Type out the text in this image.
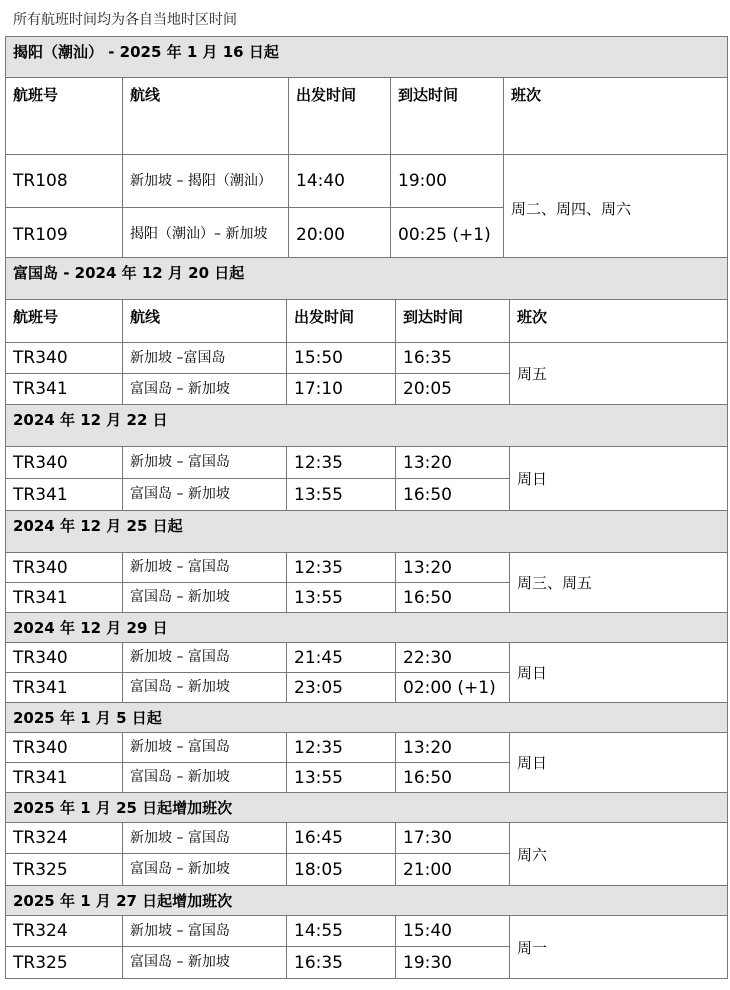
所有航班时间均为各自当地时区时间
揭阳（潮汕） - 2025 年 1 月 16 日起				
航班号	航线	出发时间	到达时间	班次
TR108	新加坡 – 揭阳（潮汕）	14:40	19:00	周二、周四、周六
TR109	揭阳（潮汕）– 新加坡	20:00	00:25 (+1)	
富国岛 - 2024 年 12 月 20 日起				
航班号	航线	出发时间	到达时间	班次
TR340	新加坡 –富国岛	15:50	16:35	周五
TR341	富国岛 – 新加坡	17:10	20:05	
2024 年 12 月 22 日				
TR340	新加坡 – 富国岛	12:35	13:20	周日
TR341	富国岛 – 新加坡	13:55	16:50	
2024 年 12 月 25 日起				
TR340	新加坡 – 富国岛	12:35	13:20	周三、周五
TR341	富国岛 – 新加坡	13:55	16:50	
2024 年 12 月 29 日				
TR340	新加坡 – 富国岛	21:45	22:30	周日
TR341	富国岛 – 新加坡	23:05	02:00 (+1)	
2025 年 1 月 5 日起				
TR340	新加坡 – 富国岛	12:35	13:20	周日
TR341	富国岛 – 新加坡	13:55	16:50	
2025 年 1 月 25 日起增加班次				
TR324	新加坡 – 富国岛	16:45	17:30	周六
TR325	富国岛 – 新加坡	18:05	21:00	
2025 年 1 月 27 日起增加班次				
TR324	新加坡 – 富国岛	14:55	15:40	周一
TR325	富国岛 – 新加坡	16:35	19:30	
